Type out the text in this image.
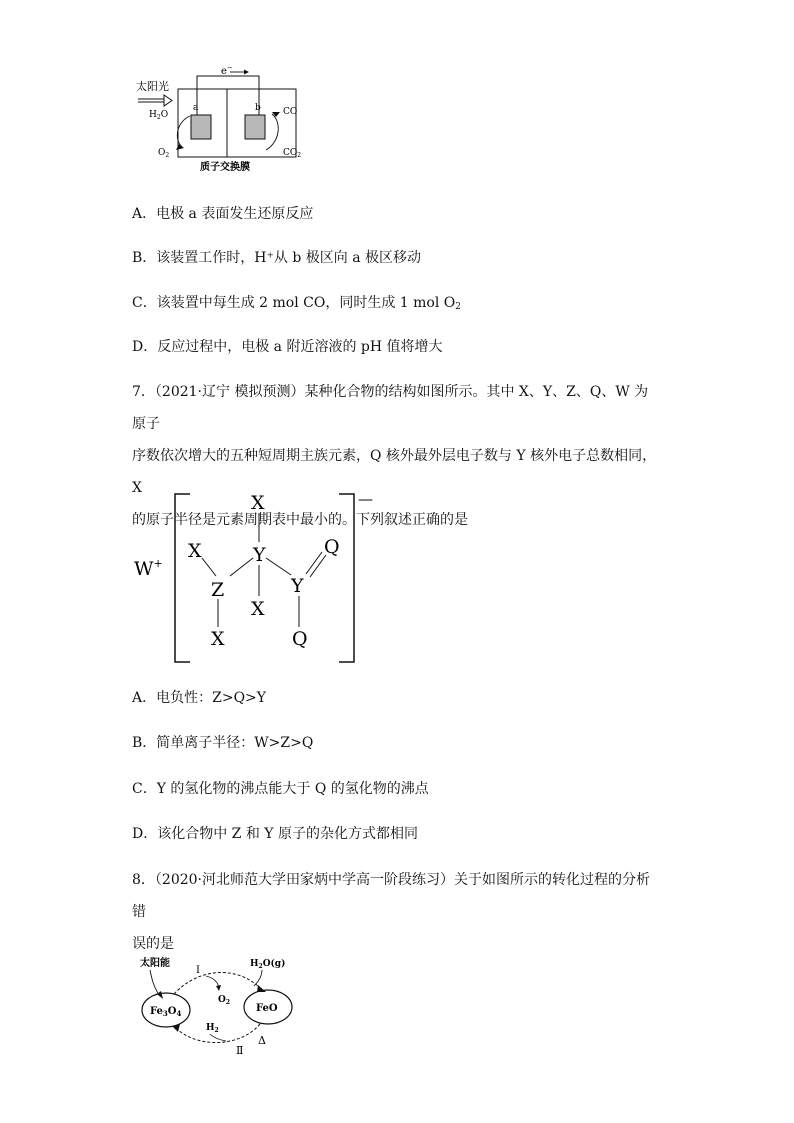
太阳光
e−
a	b
$H_2O$
$O_2$
CO
$CO_2$
质子交换膜
A．电极 a 表面发生还原反应
B．该装置工作时，H⁺从 b 极区向 a 极区移动
C．该装置中每生成 2 mol CO，同时生成 1 mol $O_2$
D．反应过程中，电极 a 附近溶液的 pH 值将增大
7．（2021·辽宁 模拟预测）某种化合物的结构如图所示。其中 X、Y、Z、Q、W 为原子
序数依次增大的五种短周期主族元素，Q 核外最外层电子数与 Y 核外电子总数相同，X
的原子半径是元素周期表中最小的。下列叙述正确的是
W+
—
X
X	Y	Q
Z
X
Y
X	Q
A．电负性：Z>Q>Y
B．简单离子半径：W>Z>Q
C．Y 的氢化物的沸点能大于 Q 的氢化物的沸点
D．该化合物中 Z 和 Y 原子的杂化方式都相同
8．（2020·河北师范大学田家炳中学高一阶段练习）关于如图所示的转化过程的分析错
误的是
太阳能
$Fe_3O_4$	FeO
I
$O_2$
$H_2O(g)$
$H_2$
Ⅱ
Δ
